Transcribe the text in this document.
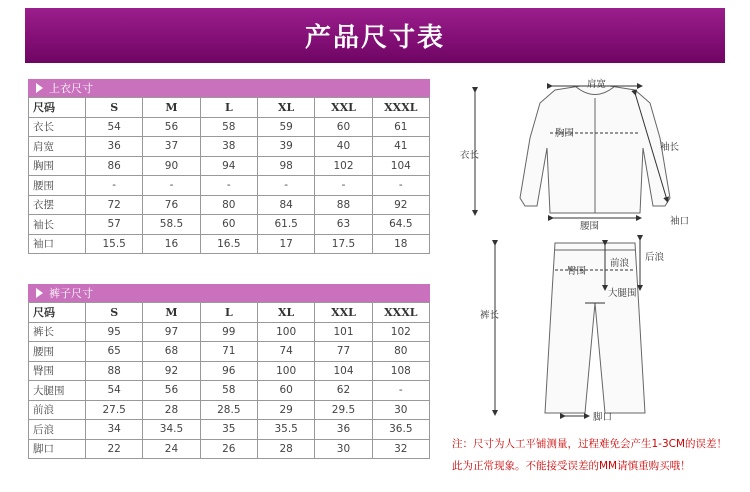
产品尺寸表
上衣尺寸
尺码	S	M	L	XL	XXL	XXXL
衣长	54	56	58	59	60	61
肩宽	36	37	38	39	40	41
胸围	86	90	94	98	102	104
腰围	-	-	-	-	-	-
衣摆	72	76	80	84	88	92
袖长	57	58.5	60	61.5	63	64.5
袖口	15.5	16	16.5	17	17.5	18
裤子尺寸
尺码	S	M	L	XL	XXL	XXXL
裤长	95	97	99	100	101	102
腰围	65	68	71	74	77	80
臀围	88	92	96	100	104	108
大腿围	54	56	58	60	62	-
前浪	27.5	28	28.5	29	29.5	30
后浪	34	34.5	35	35.5	36	36.5
脚口	22	24	26	28	30	32
肩宽
胸围
衣长
袖长
腰围	袖口
前浪
后浪
臀围
大腿围
裤长
脚口
注：尺寸为人工平铺测量，过程难免会产生1-3CM的误差！
此为正常现象。不能接受误差的MM请慎重购买哦！
